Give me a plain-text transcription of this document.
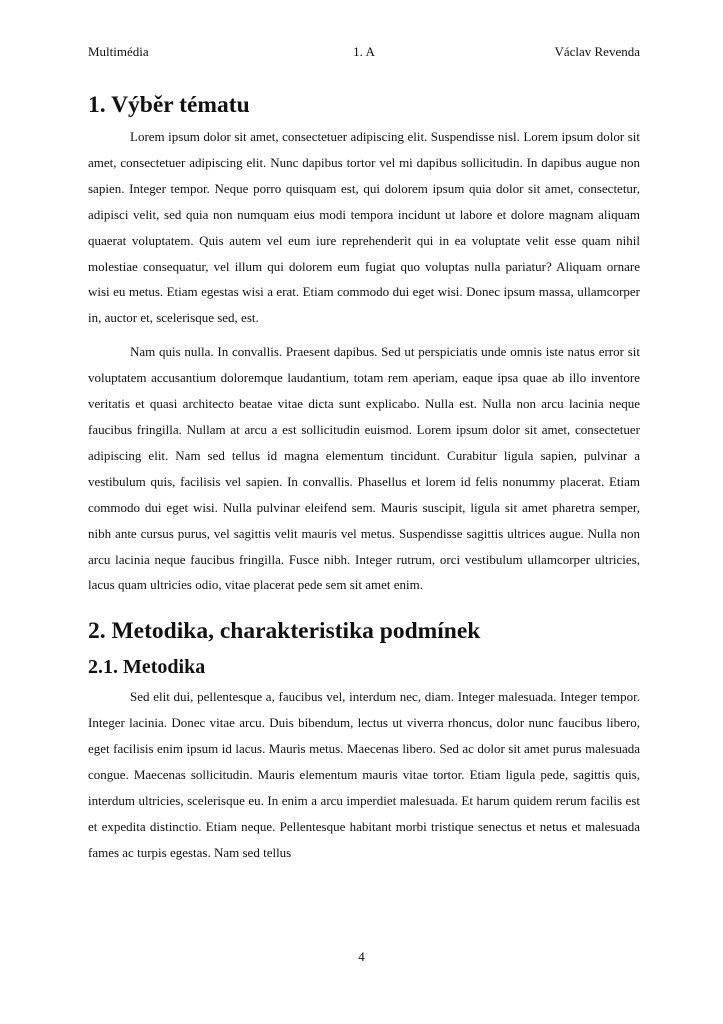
Multimédia	1. A	Václav Revenda
1. Výběr tématu

Lorem ipsum dolor sit amet, consectetuer adipiscing elit. Suspendisse nisl. Lorem ipsum dolor sit amet, consectetuer adipiscing elit. Nunc dapibus tortor vel mi dapibus sollicitudin. In dapibus augue non sapien. Integer tempor. Neque porro quisquam est, qui dolorem ipsum quia dolor sit amet, consectetur, adipisci velit, sed quia non numquam eius modi tempora incidunt ut labore et dolore magnam aliquam quaerat voluptatem. Quis autem vel eum iure reprehenderit qui in ea voluptate velit esse quam nihil molestiae consequatur, vel illum qui dolorem eum fugiat quo voluptas nulla pariatur? Aliquam ornare wisi eu metus. Etiam egestas wisi a erat. Etiam commodo dui eget wisi. Donec ipsum massa, ullamcorper in, auctor et, scelerisque sed, est.

Nam quis nulla. In convallis. Praesent dapibus. Sed ut perspiciatis unde omnis iste natus error sit voluptatem accusantium doloremque laudantium, totam rem aperiam, eaque ipsa quae ab illo inventore veritatis et quasi architecto beatae vitae dicta sunt explicabo. Nulla est. Nulla non arcu lacinia neque faucibus fringilla. Nullam at arcu a est sollicitudin euismod. Lorem ipsum dolor sit amet, consectetuer adipiscing elit. Nam sed tellus id magna elementum tincidunt. Curabitur ligula sapien, pulvinar a vestibulum quis, facilisis vel sapien. In convallis. Phasellus et lorem id felis nonummy placerat. Etiam commodo dui eget wisi. Nulla pulvinar eleifend sem. Mauris suscipit, ligula sit amet pharetra semper, nibh ante cursus purus, vel sagittis velit mauris vel metus. Suspendisse sagittis ultrices augue. Nulla non arcu lacinia neque faucibus fringilla. Fusce nibh. Integer rutrum, orci vestibulum ullamcorper ultricies, lacus quam ultricies odio, vitae placerat pede sem sit amet enim.

2. Metodika, charakteristika podmínek
2.1. Metodika

Sed elit dui, pellentesque a, faucibus vel, interdum nec, diam. Integer malesuada. Integer tempor. Integer lacinia. Donec vitae arcu. Duis bibendum, lectus ut viverra rhoncus, dolor nunc faucibus libero, eget facilisis enim ipsum id lacus. Mauris metus. Maecenas libero. Sed ac dolor sit amet purus malesuada congue. Maecenas sollicitudin. Mauris elementum mauris vitae tortor. Etiam ligula pede, sagittis quis, interdum ultricies, scelerisque eu. In enim a arcu imperdiet malesuada. Et harum quidem rerum facilis est et expedita distinctio. Etiam neque. Pellentesque habitant morbi tristique senectus et netus et malesuada fames ac turpis egestas. Nam sed tellus

4
